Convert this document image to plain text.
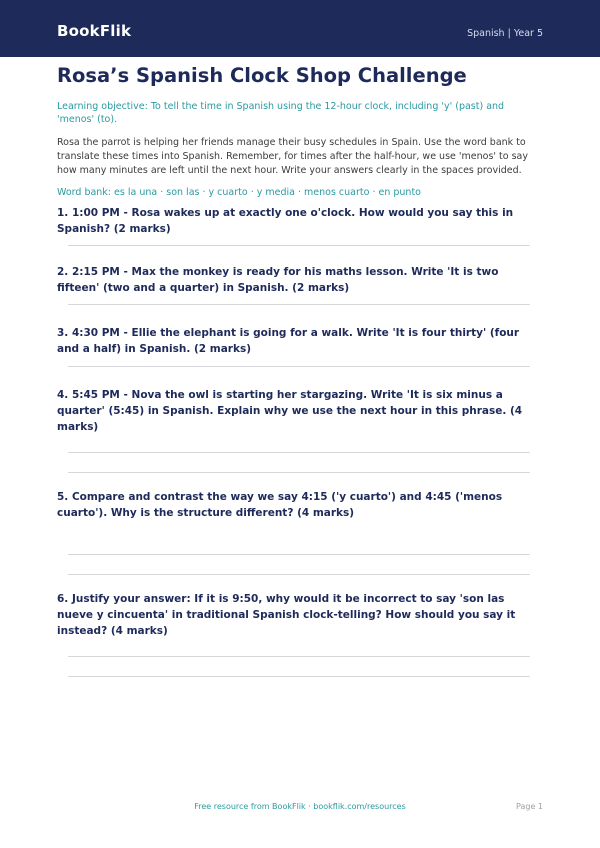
BookFlik	Spanish | Year 5
Rosa’s Spanish Clock Shop Challenge
Learning objective: To tell the time in Spanish using the 12-hour clock, including 'y' (past) and 'menos' (to).
Rosa the parrot is helping her friends manage their busy schedules in Spain. Use the word bank to translate these times into Spanish. Remember, for times after the half-hour, we use 'menos' to say how many minutes are left until the next hour. Write your answers clearly in the spaces provided.
Word bank: es la una · son las · y cuarto · y media · menos cuarto · en punto
1. 1:00 PM - Rosa wakes up at exactly one o'clock. How would you say this in Spanish? (2 marks)
2. 2:15 PM - Max the monkey is ready for his maths lesson. Write 'It is two fifteen' (two and a quarter) in Spanish. (2 marks)
3. 4:30 PM - Ellie the elephant is going for a walk. Write 'It is four thirty' (four and a half) in Spanish. (2 marks)
4. 5:45 PM - Nova the owl is starting her stargazing. Write 'It is six minus a quarter' (5:45) in Spanish. Explain why we use the next hour in this phrase. (4 marks)
5. Compare and contrast the way we say 4:15 ('y cuarto') and 4:45 ('menos cuarto'). Why is the structure different? (4 marks)
6. Justify your answer: If it is 9:50, why would it be incorrect to say 'son las nueve y cincuenta' in traditional Spanish clock-telling? How should you say it instead? (4 marks)
Free resource from BookFlik · bookflik.com/resources	Page 1
